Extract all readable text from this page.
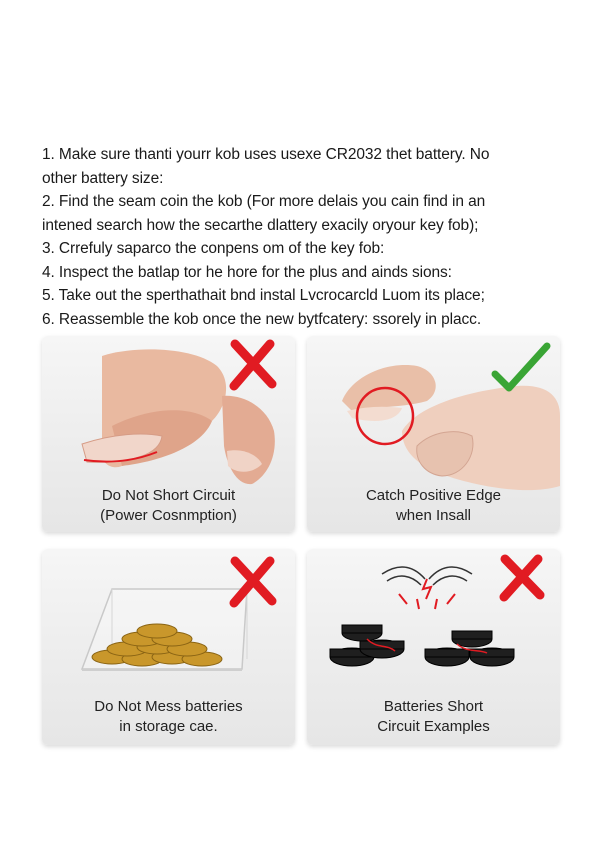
1. Make sure thanti yourr kob uses usexe CR2032 thet battery. No

other battery size:

2. Find the seam coin the kob (For more delais you cain find in an

intened search how the secarthe dlattery exacily oryour key fob);

3. Crrefuly saparco the conpens om of the key fob:

4. Inspect the batlap tor he hore for the plus and ainds sions:

5. Take out the sperthathait bnd instal Lvcrocarcld Luom its place;

6. Reassemble the kob once the new bytfcatery: ssorely in placc.

Do Not Short Circuit
(Power Cosnmption)
Catch Positive Edge
when Insall
Do Not Mess batteries
in storage cae.
Batteries Short
Circuit Examples
